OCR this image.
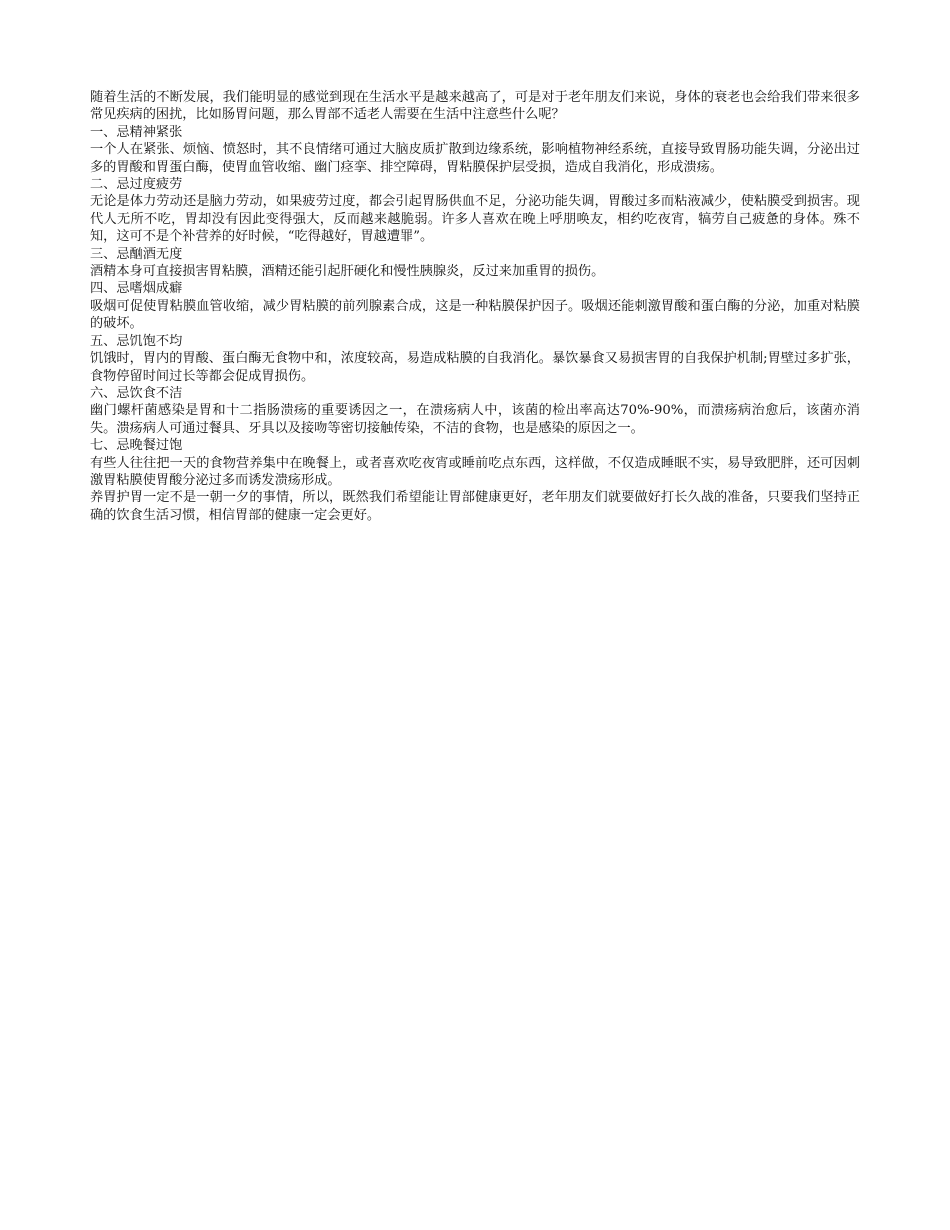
随着生活的不断发展，我们能明显的感觉到现在生活水平是越来越高了，可是对于老年朋友们来说，身体的衰老也会给我们带来很多常见疾病的困扰，比如肠胃问题，那么胃部不适老人需要在生活中注意些什么呢？

一、忌精神紧张

一个人在紧张、烦恼、愤怒时，其不良情绪可通过大脑皮质扩散到边缘系统，影响植物神经系统，直接导致胃肠功能失调，分泌出过多的胃酸和胃蛋白酶，使胃血管收缩、幽门痉挛、排空障碍，胃粘膜保护层受损，造成自我消化，形成溃疡。

二、忌过度疲劳

无论是体力劳动还是脑力劳动，如果疲劳过度，都会引起胃肠供血不足，分泌功能失调，胃酸过多而粘液减少，使粘膜受到损害。现代人无所不吃，胃却没有因此变得强大，反而越来越脆弱。许多人喜欢在晚上呼朋唤友，相约吃夜宵，犒劳自己疲惫的身体。殊不知，这可不是个补营养的好时候，“吃得越好，胃越遭罪”。

三、忌酗酒无度

酒精本身可直接损害胃粘膜，酒精还能引起肝硬化和慢性胰腺炎，反过来加重胃的损伤。

四、忌嗜烟成癖

吸烟可促使胃粘膜血管收缩，减少胃粘膜的前列腺素合成，这是一种粘膜保护因子。吸烟还能刺激胃酸和蛋白酶的分泌，加重对粘膜的破坏。

五、忌饥饱不均

饥饿时，胃内的胃酸、蛋白酶无食物中和，浓度较高，易造成粘膜的自我消化。暴饮暴食又易损害胃的自我保护机制;胃壁过多扩张，食物停留时间过长等都会促成胃损伤。

六、忌饮食不洁

幽门螺杆菌感染是胃和十二指肠溃疡的重要诱因之一，在溃疡病人中，该菌的检出率高达70%-90%，而溃疡病治愈后，该菌亦消失。溃疡病人可通过餐具、牙具以及接吻等密切接触传染，不洁的食物，也是感染的原因之一。

七、忌晚餐过饱

有些人往往把一天的食物营养集中在晚餐上，或者喜欢吃夜宵或睡前吃点东西，这样做，不仅造成睡眠不实，易导致肥胖，还可因刺激胃粘膜使胃酸分泌过多而诱发溃疡形成。

养胃护胃一定不是一朝一夕的事情，所以，既然我们希望能让胃部健康更好，老年朋友们就要做好打长久战的准备，只要我们坚持正确的饮食生活习惯，相信胃部的健康一定会更好。
